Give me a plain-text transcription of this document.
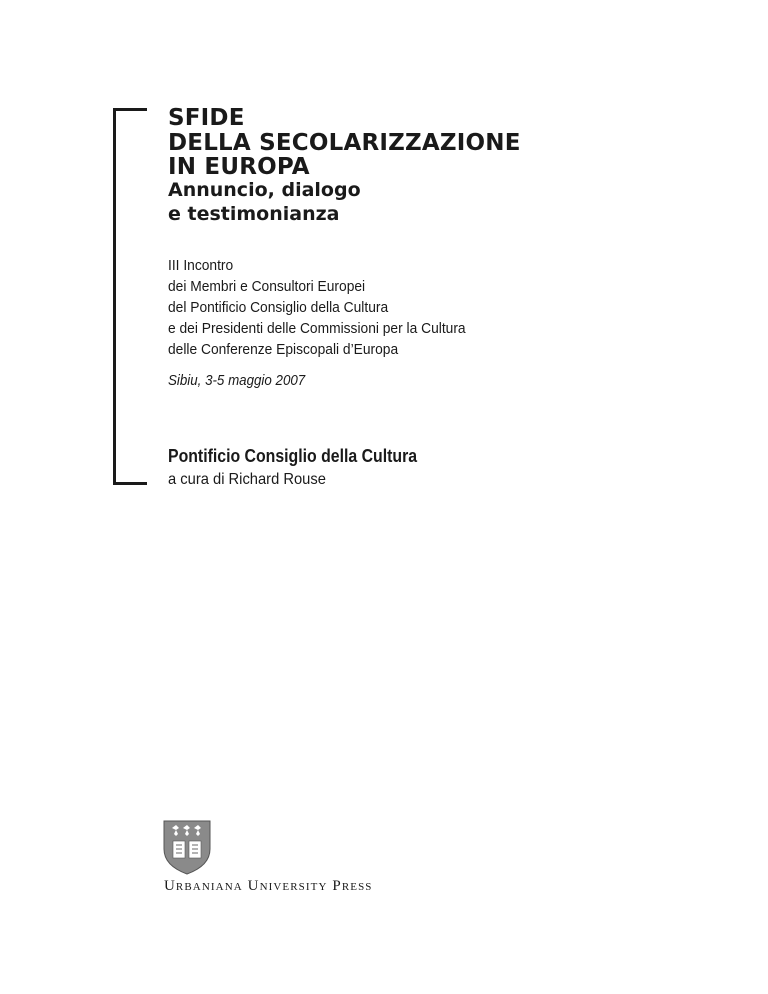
SFIDE
DELLA SECOLARIZZAZIONE
IN EUROPA
Annuncio, dialogo
e testimonianza
III Incontro
dei Membri e Consultori Europei
del Pontificio Consiglio della Cultura
e dei Presidenti delle Commissioni per la Cultura
delle Conferenze Episcopali d’Europa
Sibiu, 3-5 maggio 2007
Pontificio Consiglio della Cultura
a cura di Richard Rouse
Urbaniana University Press
